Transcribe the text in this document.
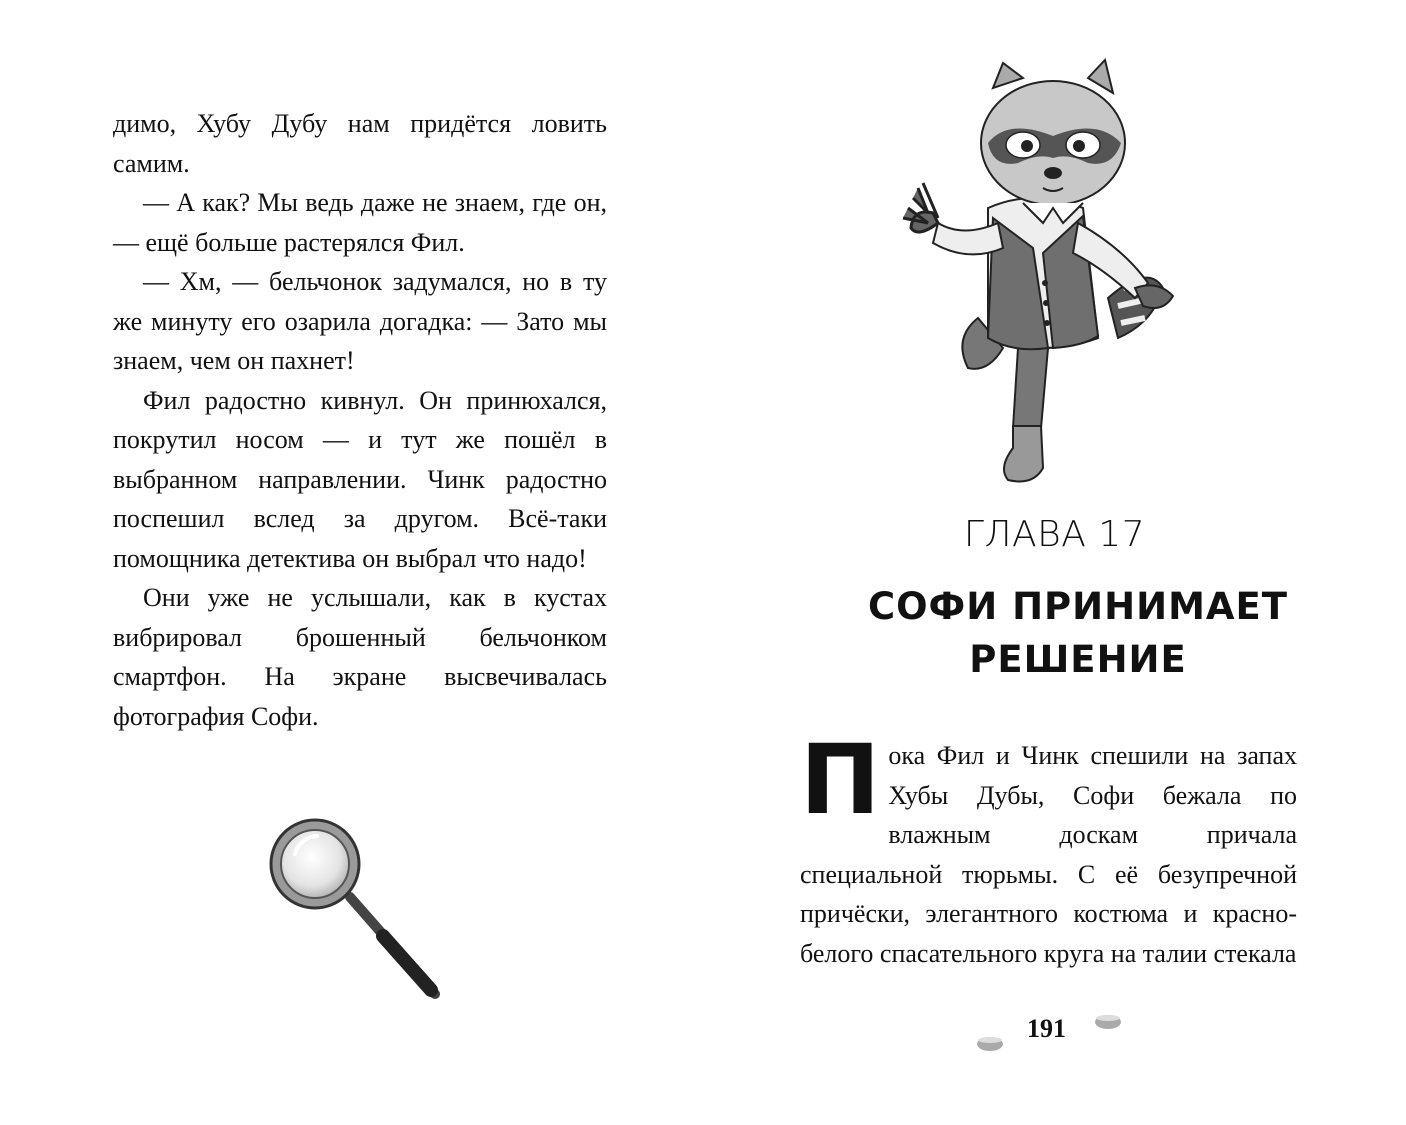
димо, Хубу Дубу нам придётся ловить самим.

— А как? Мы ведь даже не знаем, где он, — ещё больше растерялся Фил.

— Хм, — бельчонок задумался, но в ту же минуту его озарила догадка: — Зато мы знаем, чем он пахнет!

Фил радостно кивнул. Он принюхался, покрутил носом — и тут же пошёл в выбранном направлении. Чинк радостно поспешил вслед за другом. Всё-таки помощника детектива он выбрал что надо!

Они уже не услышали, как в кустах вибрировал брошенный бельчонком смартфон. На экране высвечивалась фотография Софи.

ГЛАВА 17
СОФИ ПРИНИМАЕТ РЕШЕНИЕ
П ока Фил и Чинк спешили на запах Хубы Дубы, Софи бежала по влажным доскам причала специальной тюрьмы. С её безупречной причёски, элегантного костюма и красно-белого спасательного круга на талии стекала
191
